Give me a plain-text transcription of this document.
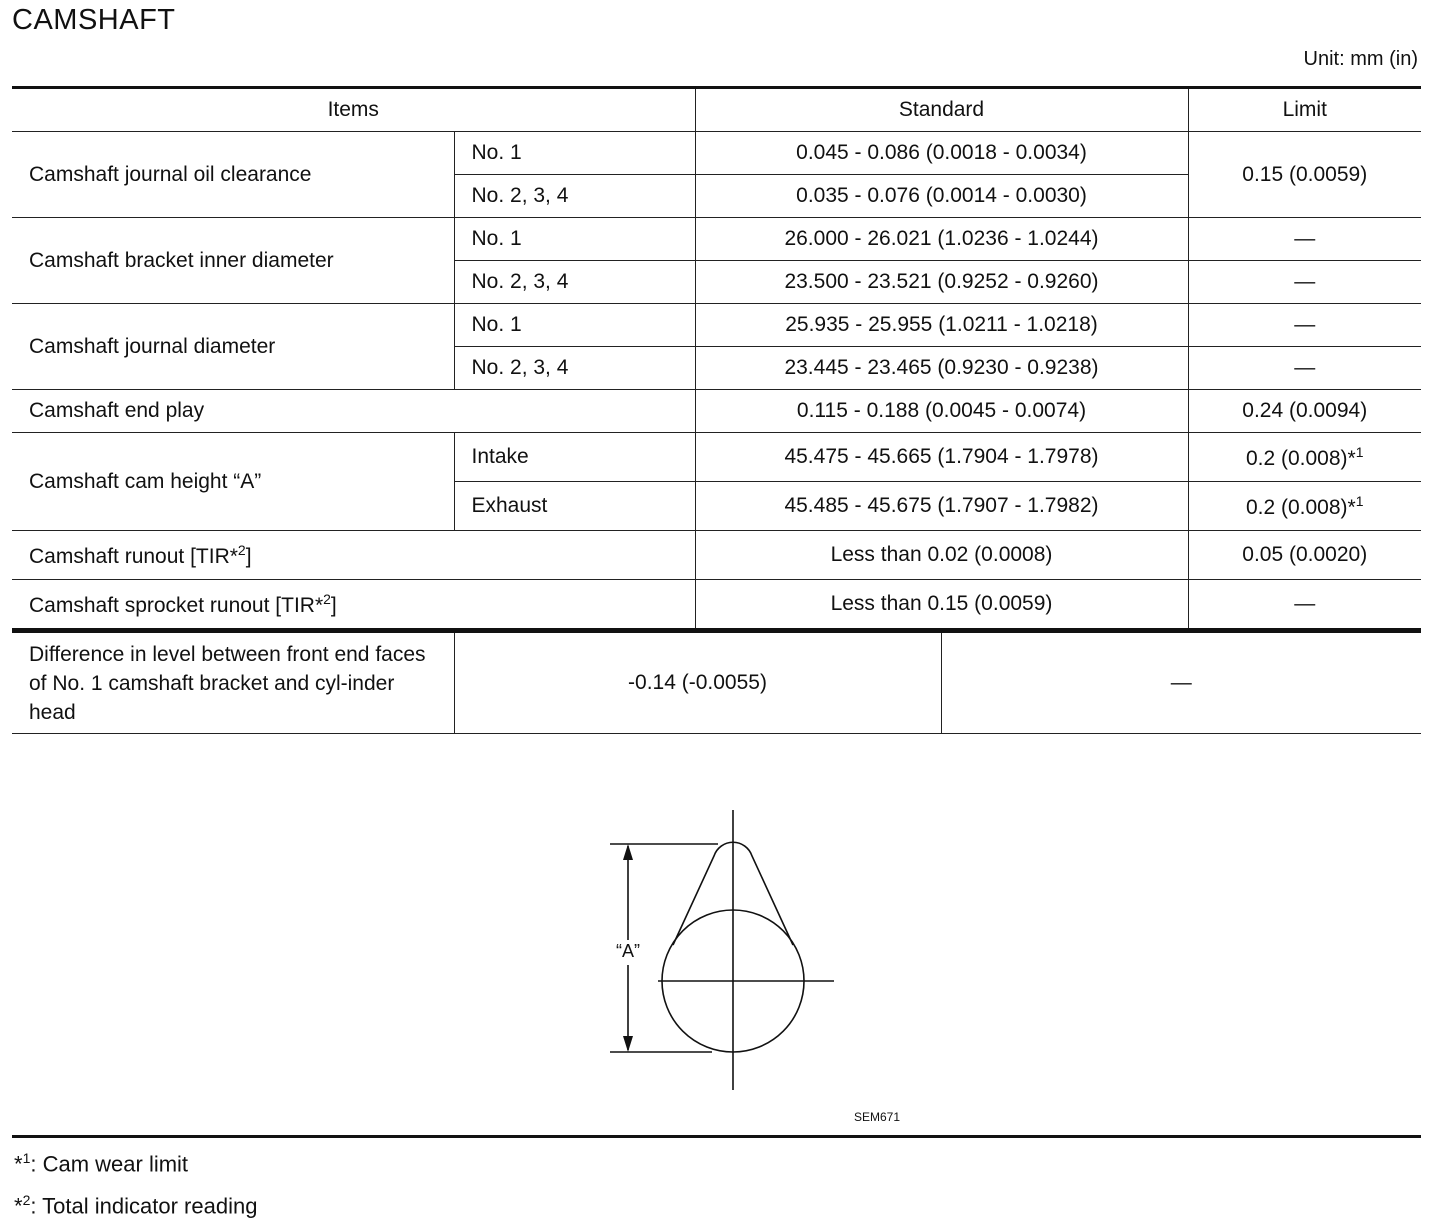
CAMSHAFT
Unit: mm (in)
Items		Standard	Limit
Camshaft journal oil clearance	No. 1	0.045 - 0.086 (0.0018 - 0.0034)	0.15 (0.0059)
	No. 2, 3, 4	0.035 - 0.076 (0.0014 - 0.0030)	
Camshaft bracket inner diameter	No. 1	26.000 - 26.021 (1.0236 - 1.0244)	—
	No. 2, 3, 4	23.500 - 23.521 (0.9252 - 0.9260)	—
Camshaft journal diameter	No. 1	25.935 - 25.955 (1.0211 - 1.0218)	—
	No. 2, 3, 4	23.445 - 23.465 (0.9230 - 0.9238)	—
Camshaft end play		0.115 - 0.188 (0.0045 - 0.0074)	0.24 (0.0094)
Camshaft cam height “A”	Intake	45.475 - 45.665 (1.7904 - 1.7978)	0.2 (0.008)*$^1$
	Exhaust	45.485 - 45.675 (1.7907 - 1.7982)	0.2 (0.008)*$^1$
Camshaft runout [TIR*$^2$]		Less than 0.02 (0.0008)	0.05 (0.0020)
Camshaft sprocket runout [TIR*$^2$]		Less than 0.15 (0.0059)	—
Difference in level between front end faces of No. 1 camshaft bracket and cyl-inder head	-0.14 (-0.0055)	—
“A”
SEM671
*$^1$: Cam wear limit
*$^2$: Total indicator reading
